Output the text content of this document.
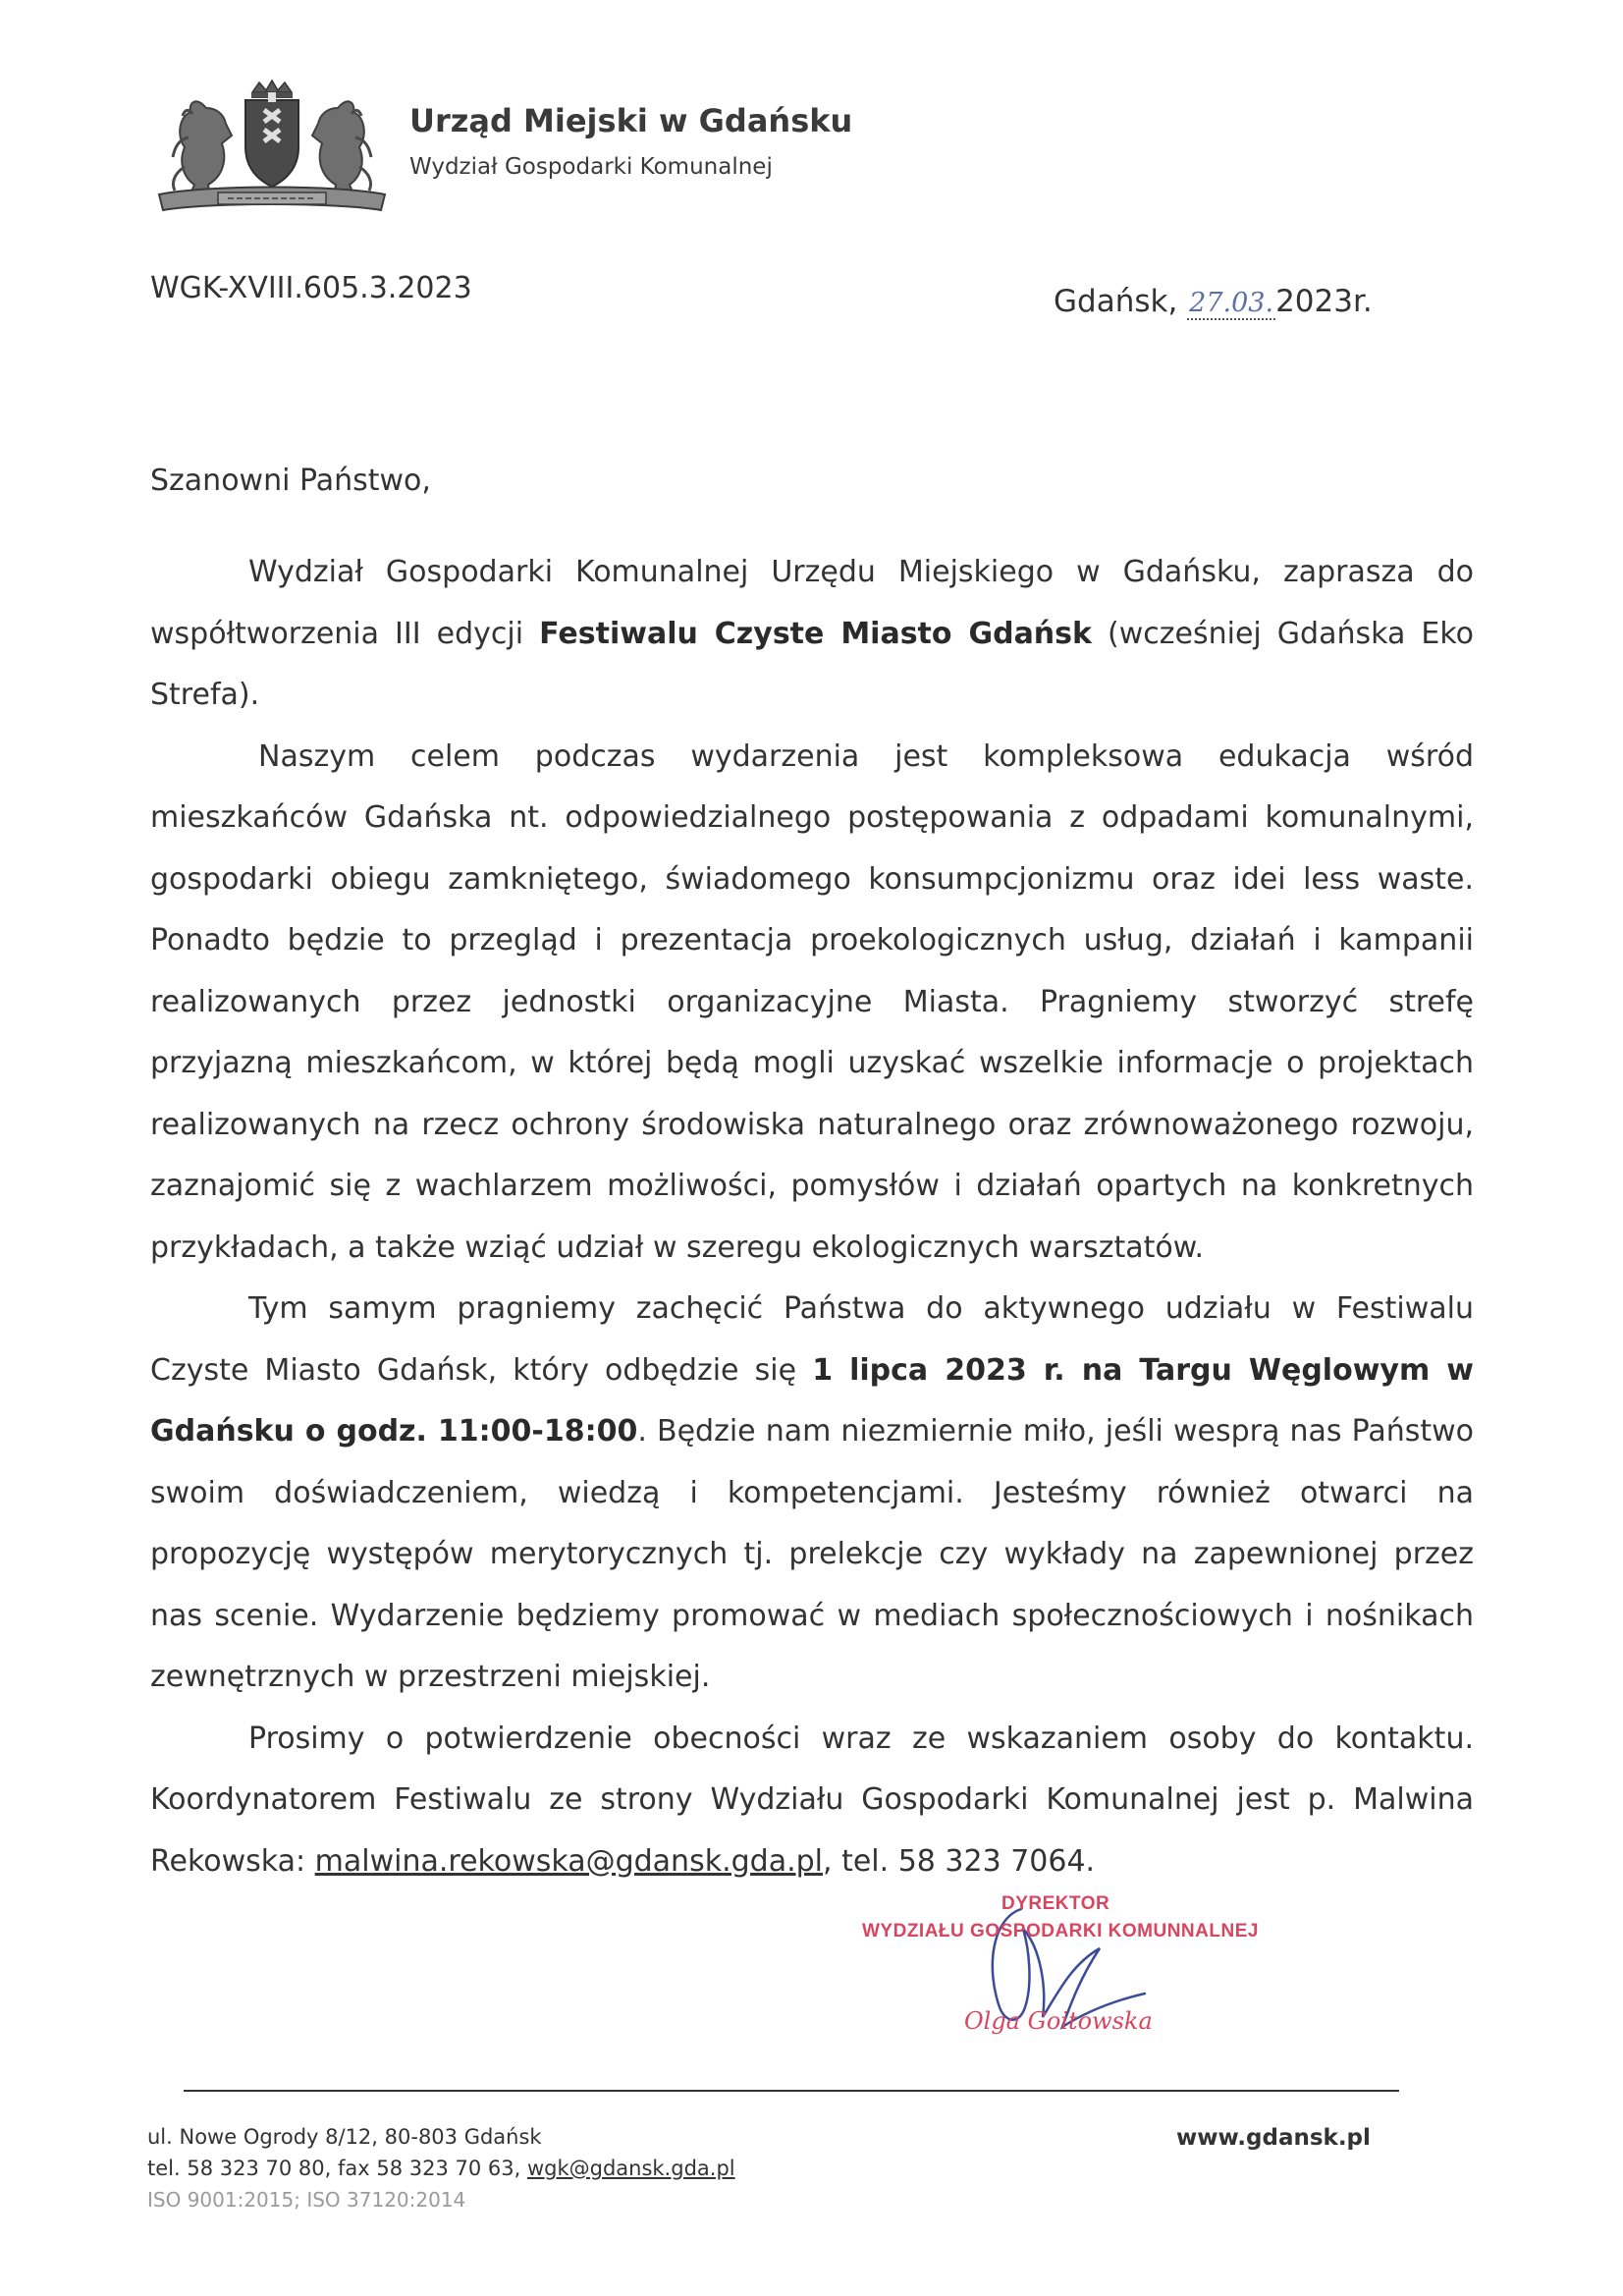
Urząd Miejski w Gdańsku
Wydział Gospodarki Komunalnej
WGK-XVIII.605.3.2023	Gdańsk, 27.03.2023r.
Szanowni Państwo,

Wydział Gospodarki Komunalnej Urzędu Miejskiego w Gdańsku, zaprasza do współtworzenia III edycji Festiwalu Czyste Miasto Gdańsk (wcześniej Gdańska Eko Strefa).

Naszym celem podczas wydarzenia jest kompleksowa edukacja wśród mieszkańców Gdańska nt. odpowiedzialnego postępowania z odpadami komunalnymi, gospodarki obiegu zamkniętego, świadomego konsumpcjonizmu oraz idei less waste. Ponadto będzie to przegląd i prezentacja proekologicznych usług, działań i kampanii realizowanych przez jednostki organizacyjne Miasta. Pragniemy stworzyć strefę przyjazną mieszkańcom, w której będą mogli uzyskać wszelkie informacje o projektach realizowanych na rzecz ochrony środowiska naturalnego oraz zrównoważonego rozwoju, zaznajomić się z wachlarzem możliwości, pomysłów i działań opartych na konkretnych przykładach, a także wziąć udział w szeregu ekologicznych warsztatów.

Tym samym pragniemy zachęcić Państwa do aktywnego udziału w Festiwalu Czyste Miasto Gdańsk, który odbędzie się 1 lipca 2023 r. na Targu Węglowym w Gdańsku o godz. 11:00-18:00. Będzie nam niezmiernie miło, jeśli wesprą nas Państwo swoim doświadczeniem, wiedzą i kompetencjami. Jesteśmy również otwarci na propozycję występów merytorycznych tj. prelekcje czy wykłady na zapewnionej przez nas scenie. Wydarzenie będziemy promować w mediach społecznościowych i nośnikach zewnętrznych w przestrzeni miejskiej.

Prosimy o potwierdzenie obecności wraz ze wskazaniem osoby do kontaktu. Koordynatorem Festiwalu ze strony Wydziału Gospodarki Komunalnej jest p. Malwina Rekowska: malwina.rekowska@gdansk.gda.pl, tel. 58 323 7064.

DYREKTOR
WYDZIAŁU GOSPODARKI KOMUNNALNEJ
Olga Goitowska
ul. Nowe Ogrody 8/12, 80-803 Gdańsk
tel. 58 323 70 80, fax 58 323 70 63, wgk@gdansk.gda.pl
ISO 9001:2015; ISO 37120:2014
www.gdansk.pl
